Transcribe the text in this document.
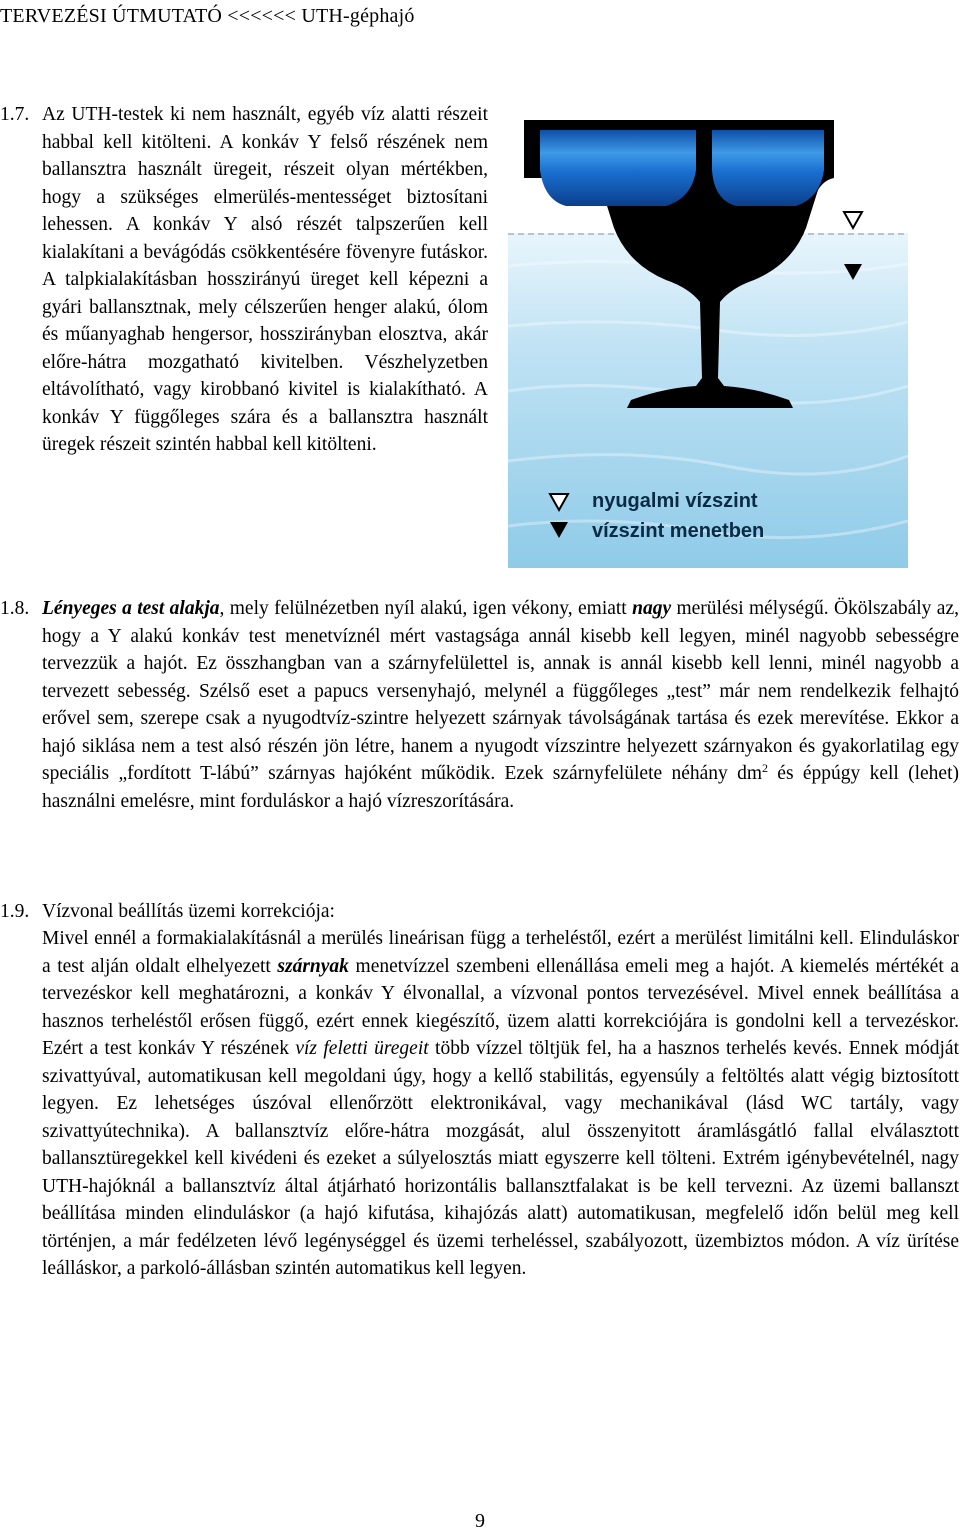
TERVEZÉSI ÚTMUTATÓ <<<<<< UTH-géphajó
1.7. Az UTH-testek ki nem használt, egyéb víz alatti részeit habbal kell kitölteni. A konkáv Y felső részének nem ballansztra használt üregeit, részeit olyan mértékben, hogy a szükséges elmerülés-mentességet biztosítani lehessen. A konkáv Y alsó részét talpszerűen kell kialakítani a bevágódás csökkentésére fövenyre futáskor. A talpkialakításban hosszirányú üreget kell képezni a gyári ballansztnak, mely célszerűen henger alakú, ólom és műanyaghab hengersor, hosszirányban elosztva, akár előre-hátra mozgatható kivitelben. Vészhelyzetben eltávolítható, vagy kirobbanó kivitel is kialakítható. A konkáv Y függőleges szára és a ballansztra használt üregek részeit szintén habbal kell kitölteni.
nyugalmi vízszint
vízszint menetben
1.8. Lényeges a test alakja, mely felülnézetben nyíl alakú, igen vékony, emiatt nagy merülési mélységű. Ökölszabály az, hogy a Y alakú konkáv test menetvíznél mért vastagsága annál kisebb kell legyen, minél nagyobb sebességre tervezzük a hajót. Ez összhangban van a szárnyfelülettel is, annak is annál kisebb kell lenni, minél nagyobb a tervezett sebesség. Szélső eset a papucs versenyhajó, melynél a függőleges „test” már nem rendelkezik felhajtó erővel sem, szerepe csak a nyugodtvíz-szintre helyezett szárnyak távolságának tartása és ezek merevítése. Ekkor a hajó siklása nem a test alsó részén jön létre, hanem a nyugodt vízszintre helyezett szárnyakon és gyakorlatilag egy speciális „fordított T-lábú” szárnyas hajóként működik. Ezek szárnyfelülete néhány $dm^2$ és éppúgy kell (lehet) használni emelésre, mint forduláskor a hajó vízreszorítására.
1.9. Vízvonal beállítás üzemi korrekciója:
Mivel ennél a formakialakításnál a merülés lineárisan függ a terheléstől, ezért a merülést limitálni kell. Elinduláskor a test alján oldalt elhelyezett szárnyak menetvízzel szembeni ellenállása emeli meg a hajót. A kiemelés mértékét a tervezéskor kell meghatározni, a konkáv Y élvonallal, a vízvonal pontos tervezésével. Mivel ennek beállítása a hasznos terheléstől erősen függő, ezért ennek kiegészítő, üzem alatti korrekciójára is gondolni kell a tervezéskor. Ezért a test konkáv Y részének víz feletti üregeit több vízzel töltjük fel, ha a hasznos terhelés kevés. Ennek módját szivattyúval, automatikusan kell megoldani úgy, hogy a kellő stabilitás, egyensúly a feltöltés alatt végig biztosított legyen. Ez lehetséges úszóval ellenőrzött elektronikával, vagy mechanikával (lásd WC tartály, vagy szivattyútechnika). A ballansztvíz előre-hátra mozgását, alul összenyitott áramlásgátló fallal elválasztott ballansztüregekkel kell kivédeni és ezeket a súlyelosztás miatt egyszerre kell tölteni. Extrém igénybevételnél, nagy UTH-hajóknál a ballansztvíz által átjárható horizontális ballansztfalakat is be kell tervezni. Az üzemi ballanszt beállítása minden elinduláskor (a hajó kifutása, kihajózás alatt) automatikusan, megfelelő időn belül meg kell történjen, a már fedélzeten lévő legénységgel és üzemi terheléssel, szabályozott, üzembiztos módon. A víz ürítése leálláskor, a parkoló-állásban szintén automatikus kell legyen.
9
